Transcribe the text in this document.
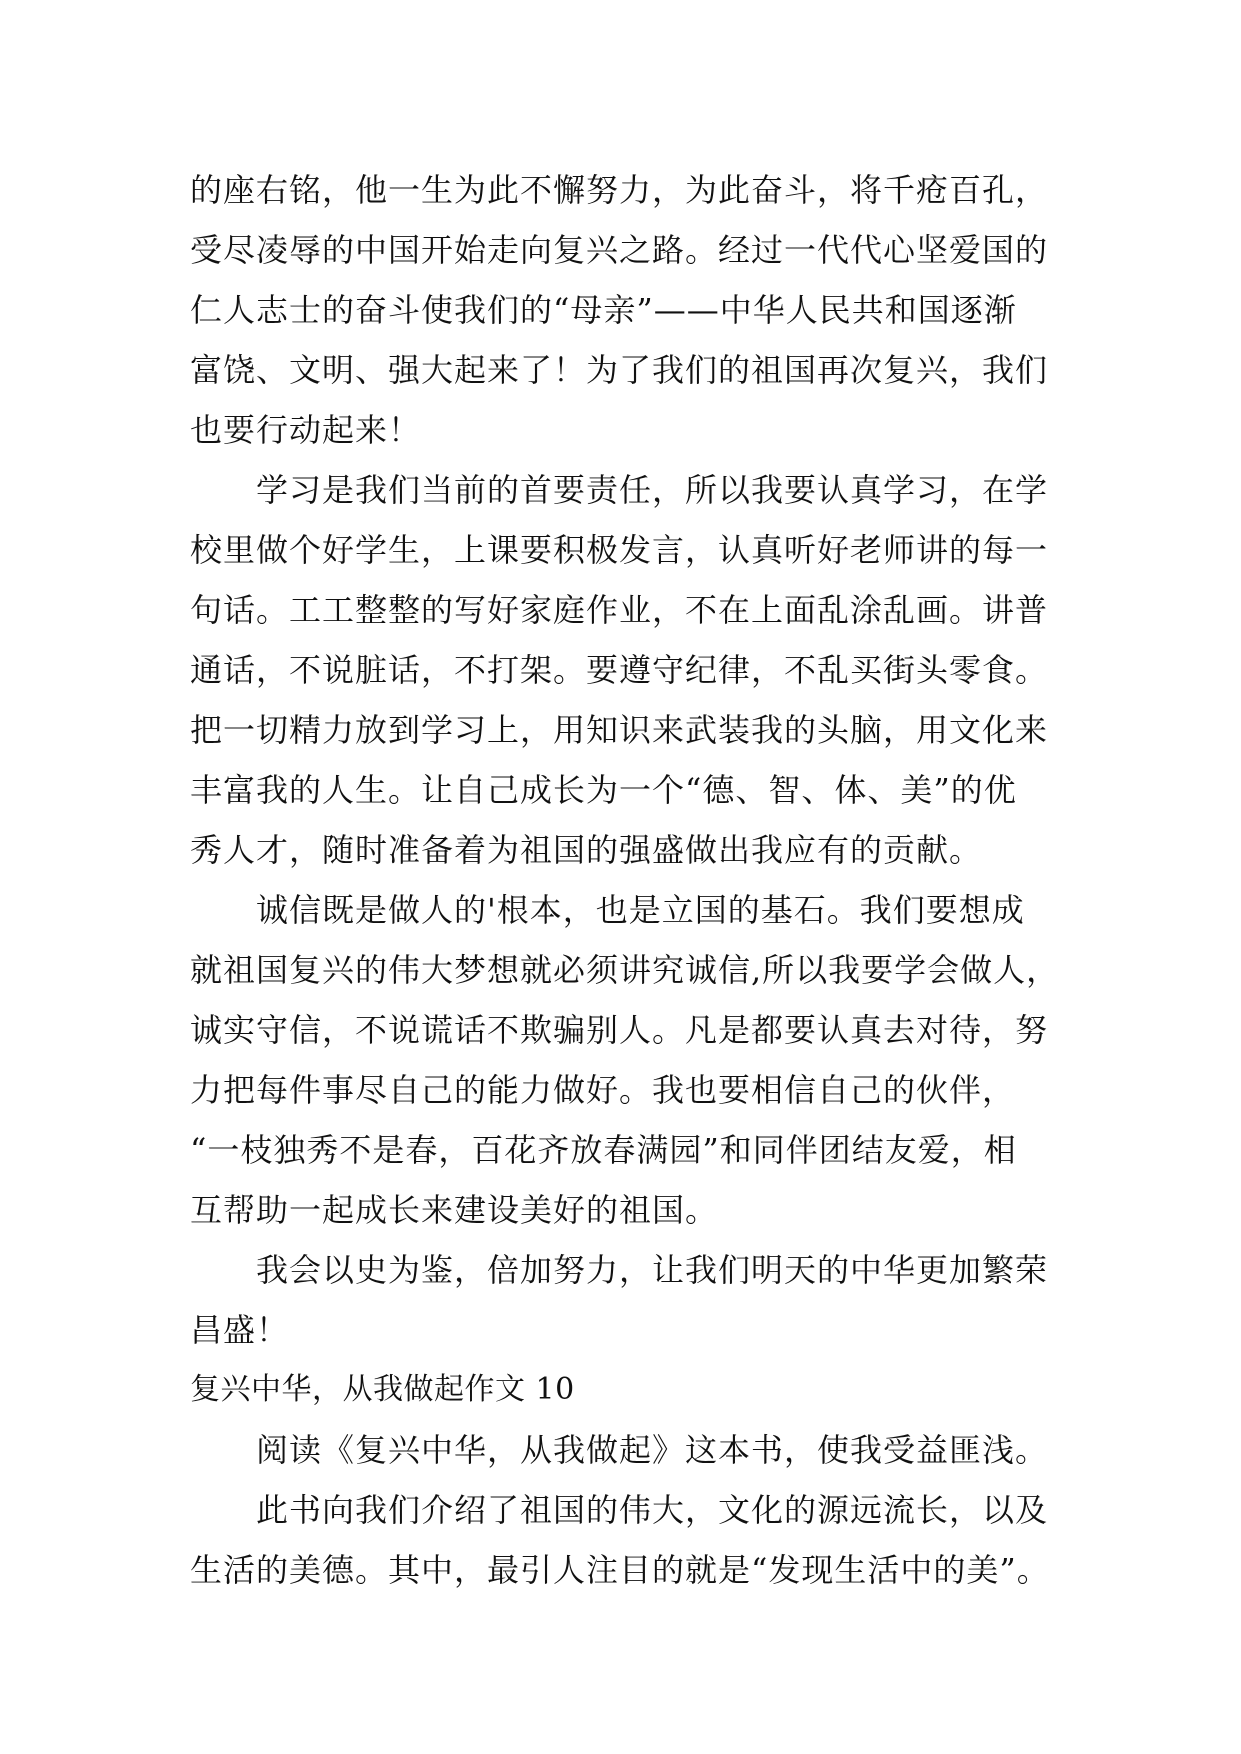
的座右铭，他一生为此不懈努力，为此奋斗，将千疮百孔，
受尽凌辱的中国开始走向复兴之路。经过一代代心坚爱国的
仁人志士的奋斗使我们的“母亲”——中华人民共和国逐渐
富饶、文明、强大起来了！为了我们的祖国再次复兴，我们
也要行动起来！
学习是我们当前的首要责任，所以我要认真学习，在学
校里做个好学生，上课要积极发言，认真听好老师讲的每一
句话。工工整整的写好家庭作业，不在上面乱涂乱画。讲普
通话，不说脏话，不打架。要遵守纪律，不乱买街头零食。
把一切精力放到学习上，用知识来武装我的头脑，用文化来
丰富我的人生。让自己成长为一个“德、智、体、美”的优
秀人才，随时准备着为祖国的强盛做出我应有的贡献。
诚信既是做人的'根本，也是立国的基石。我们要想成
就祖国复兴的伟大梦想就必须讲究诚信,所以我要学会做人，
诚实守信，不说谎话不欺骗别人。凡是都要认真去对待，努
力把每件事尽自己的能力做好。我也要相信自己的伙伴，
“一枝独秀不是春，百花齐放春满园”和同伴团结友爱，相
互帮助一起成长来建设美好的祖国。
我会以史为鉴，倍加努力，让我们明天的中华更加繁荣
昌盛！
复兴中华，从我做起作文 10
阅读《复兴中华，从我做起》这本书，使我受益匪浅。
此书向我们介绍了祖国的伟大，文化的源远流长，以及
生活的美德。其中，最引人注目的就是“发现生活中的美”。
